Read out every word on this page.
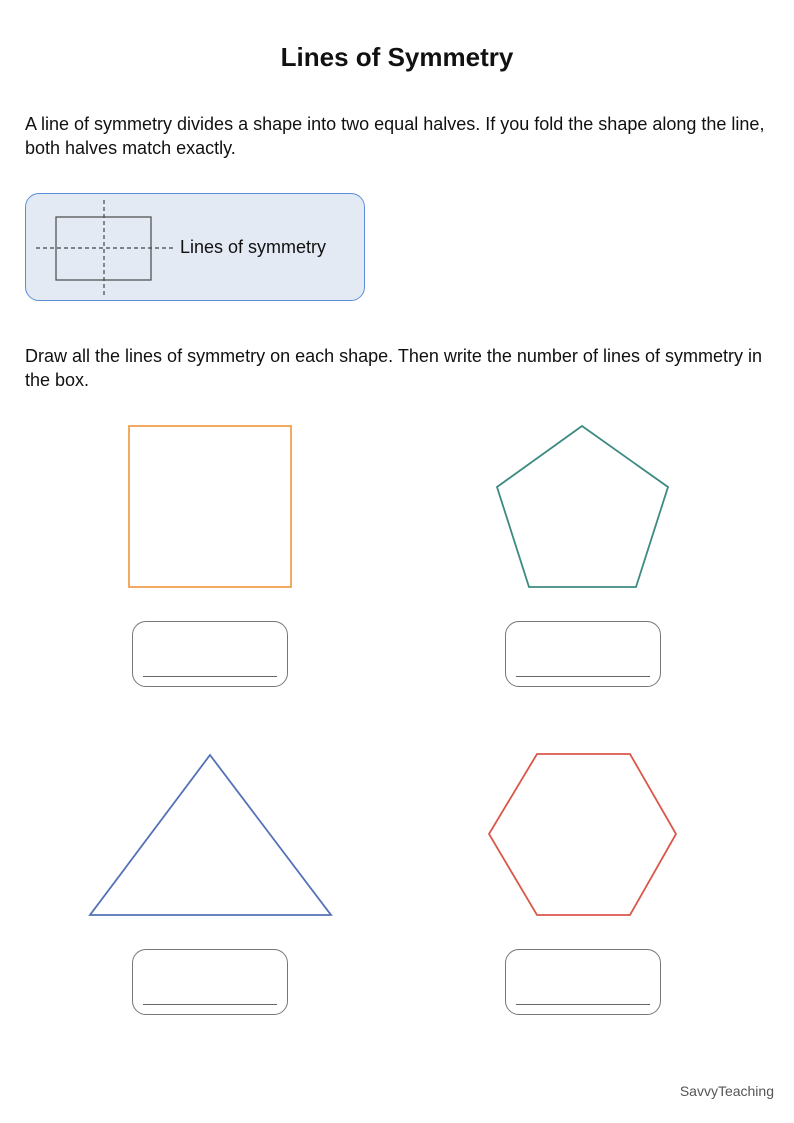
Lines of Symmetry

A line of symmetry divides a shape into two equal halves. If you fold the shape along the line, both halves match exactly.

Lines of symmetry

Draw all the lines of symmetry on each shape. Then write the number of lines of symmetry in the box.

SavvyTeaching
